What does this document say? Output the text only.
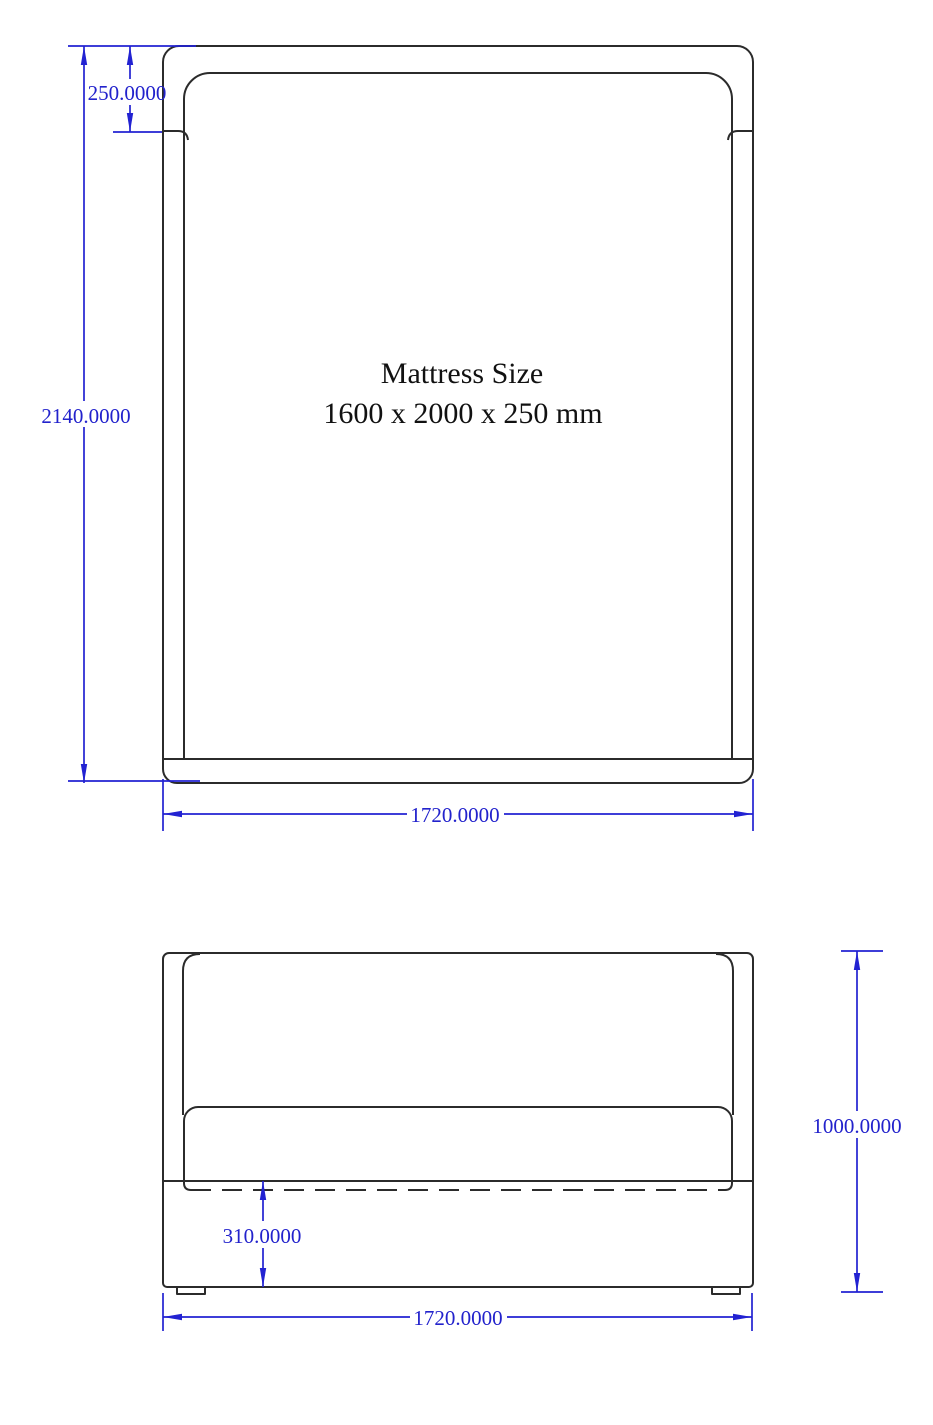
250.0000
2140.0000
1720.0000
310.0000
1720.0000
1000.0000
Mattress Size
1600 x 2000 x 250 mm
